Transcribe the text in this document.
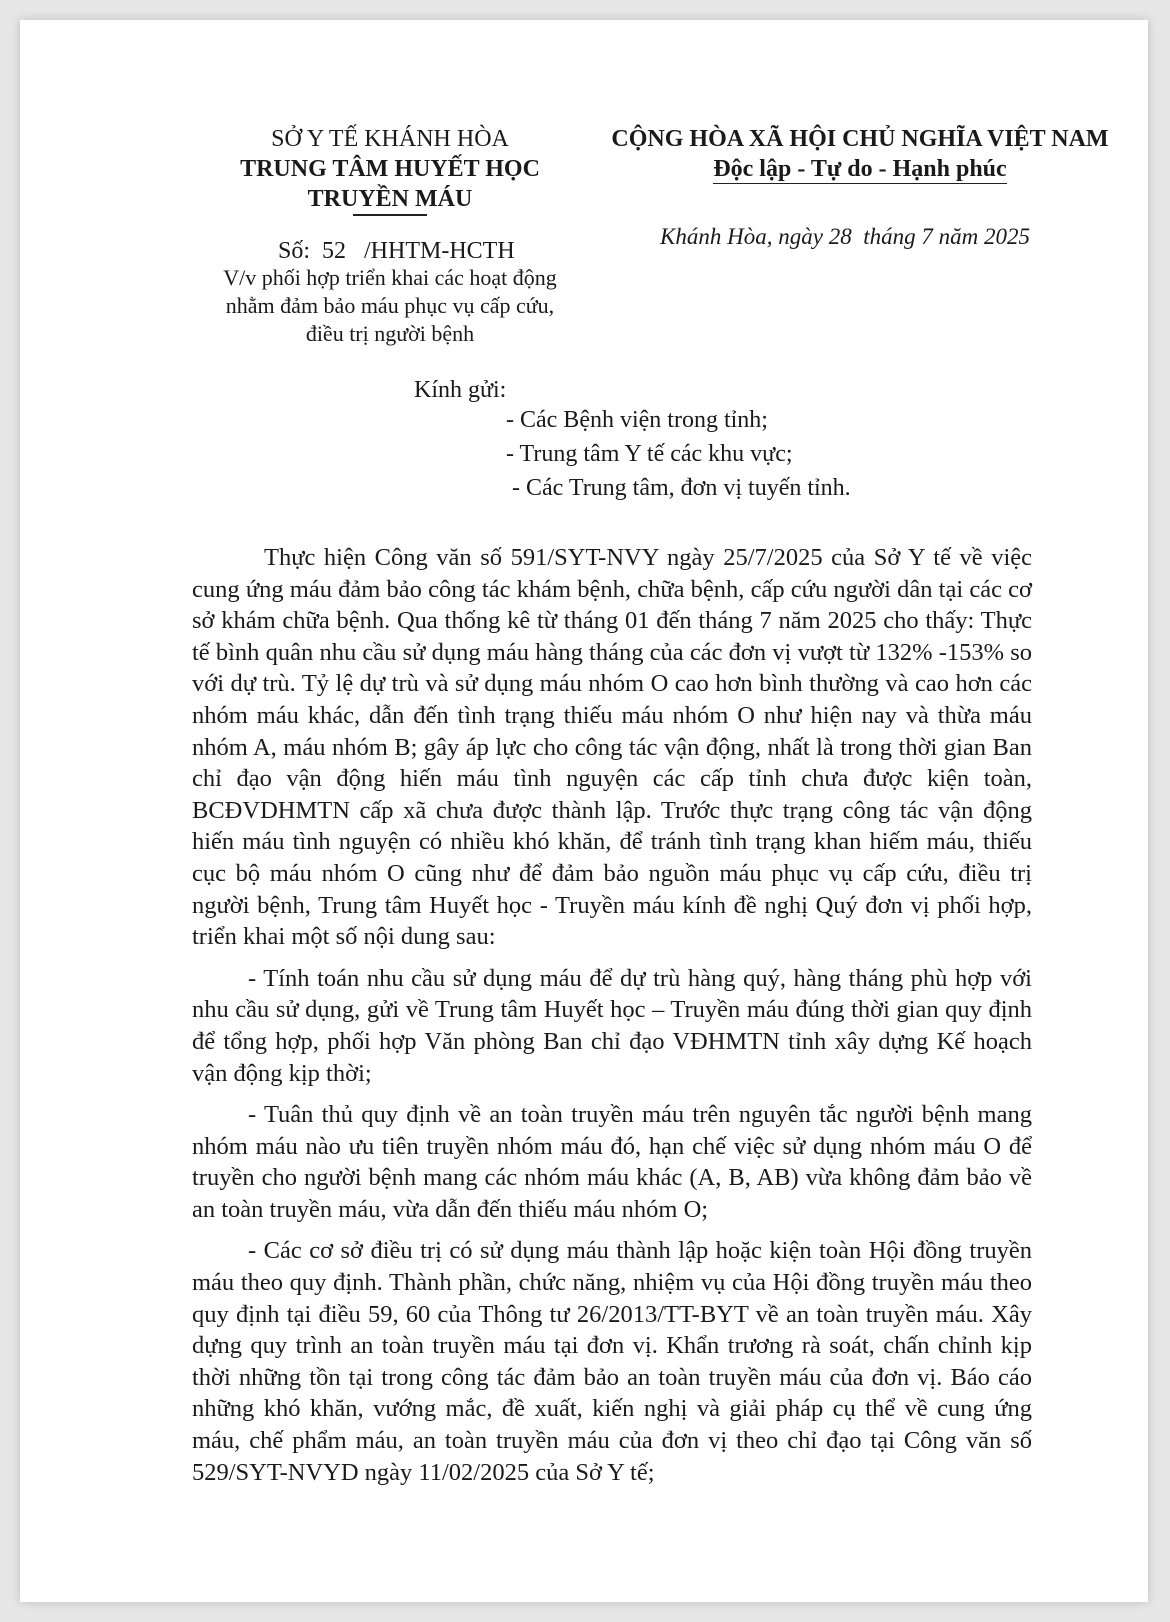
SỞ Y TẾ KHÁNH HÒA
TRUNG TÂM HUYẾT HỌC
TRUYỀN MÁU
Số: 52 /HHTM-HCTH
V/v phối hợp triển khai các hoạt động
nhằm đảm bảo máu phục vụ cấp cứu,
điều trị người bệnh
CỘNG HÒA XÃ HỘI CHỦ NGHĨA VIỆT NAM
Độc lập - Tự do - Hạnh phúc
Khánh Hòa, ngày 28 tháng 7 năm 2025
Kính gửi:
- Các Bệnh viện trong tỉnh;
- Trung tâm Y tế các khu vực;
- Các Trung tâm, đơn vị tuyến tỉnh.

Thực hiện Công văn số 591/SYT-NVY ngày 25/7/2025 của Sở Y tế về việc cung ứng máu đảm bảo công tác khám bệnh, chữa bệnh, cấp cứu người dân tại các cơ sở khám chữa bệnh. Qua thống kê từ tháng 01 đến tháng 7 năm 2025 cho thấy: Thực tế bình quân nhu cầu sử dụng máu hàng tháng của các đơn vị vượt từ 132% -153% so với dự trù. Tỷ lệ dự trù và sử dụng máu nhóm O cao hơn bình thường và cao hơn các nhóm máu khác, dẫn đến tình trạng thiếu máu nhóm O như hiện nay và thừa máu nhóm A, máu nhóm B; gây áp lực cho công tác vận động, nhất là trong thời gian Ban chỉ đạo vận động hiến máu tình nguyện các cấp tỉnh chưa được kiện toàn, BCĐVDHMTN cấp xã chưa được thành lập. Trước thực trạng công tác vận động hiến máu tình nguyện có nhiều khó khăn, để tránh tình trạng khan hiếm máu, thiếu cục bộ máu nhóm O cũng như để đảm bảo nguồn máu phục vụ cấp cứu, điều trị người bệnh, Trung tâm Huyết học - Truyền máu kính đề nghị Quý đơn vị phối hợp, triển khai một số nội dung sau:

- Tính toán nhu cầu sử dụng máu để dự trù hàng quý, hàng tháng phù hợp với nhu cầu sử dụng, gửi về Trung tâm Huyết học – Truyền máu đúng thời gian quy định để tổng hợp, phối hợp Văn phòng Ban chỉ đạo VĐHMTN tỉnh xây dựng Kế hoạch vận động kịp thời;

- Tuân thủ quy định về an toàn truyền máu trên nguyên tắc người bệnh mang nhóm máu nào ưu tiên truyền nhóm máu đó, hạn chế việc sử dụng nhóm máu O để truyền cho người bệnh mang các nhóm máu khác (A, B, AB) vừa không đảm bảo về an toàn truyền máu, vừa dẫn đến thiếu máu nhóm O;

- Các cơ sở điều trị có sử dụng máu thành lập hoặc kiện toàn Hội đồng truyền máu theo quy định. Thành phần, chức năng, nhiệm vụ của Hội đồng truyền máu theo quy định tại điều 59, 60 của Thông tư 26/2013/TT-BYT về an toàn truyền máu. Xây dựng quy trình an toàn truyền máu tại đơn vị. Khẩn trương rà soát, chấn chỉnh kịp thời những tồn tại trong công tác đảm bảo an toàn truyền máu của đơn vị. Báo cáo những khó khăn, vướng mắc, đề xuất, kiến nghị và giải pháp cụ thể về cung ứng máu, chế phẩm máu, an toàn truyền máu của đơn vị theo chỉ đạo tại Công văn số 529/SYT-NVYD ngày 11/02/2025 của Sở Y tế;
